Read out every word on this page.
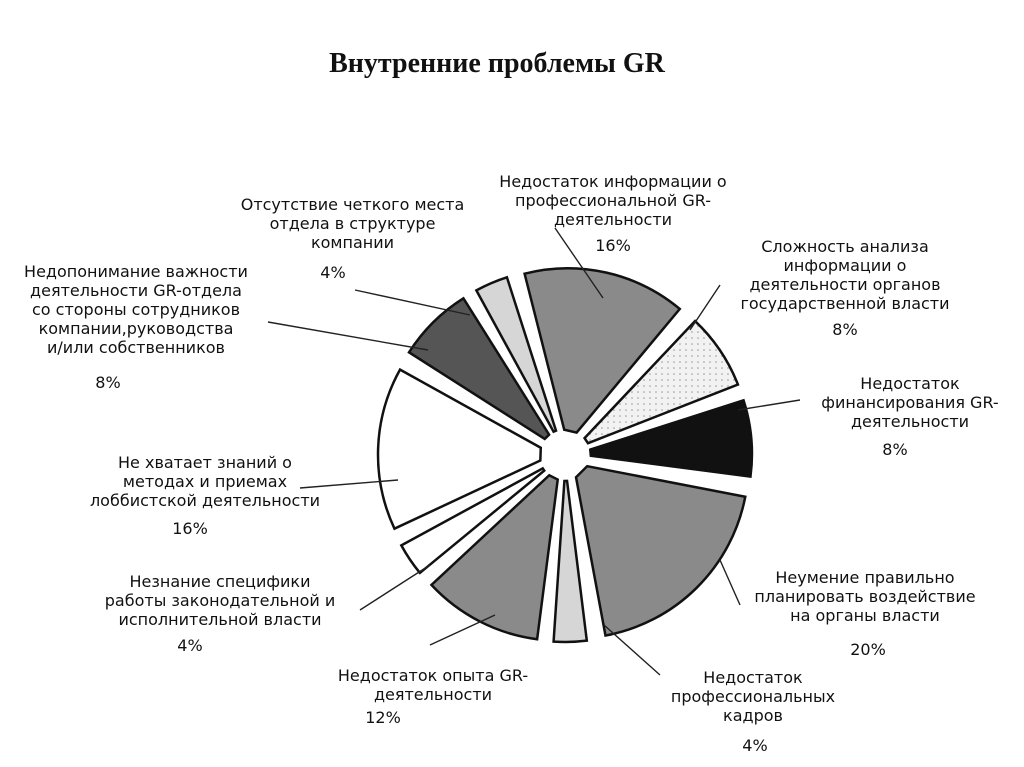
Внутренние проблемы GR
Недостаток информации о
профессиональной GR-
деятельности
16%	Сложность анализа
информации о
деятельности органов
государственной власти
8%
Недостаток
финансирования GR-
деятельности
8%
Неумение правильно
планировать воздействие
на органы власти
20%
Недостаток
профессиональных
кадров
4%
Недостаток опыта GR-
деятельности
12%
Незнание специфики
работы законодательной и
исполнительной власти
4%
Не хватает знаний о
методах и приемах
лоббистской деятельности
16%
Недопонимание важности
деятельности GR-отдела
со стороны сотрудников
компании,руководства
и/или собственников
8%
Отсутствие четкого места
отдела в структуре
компании
4%
